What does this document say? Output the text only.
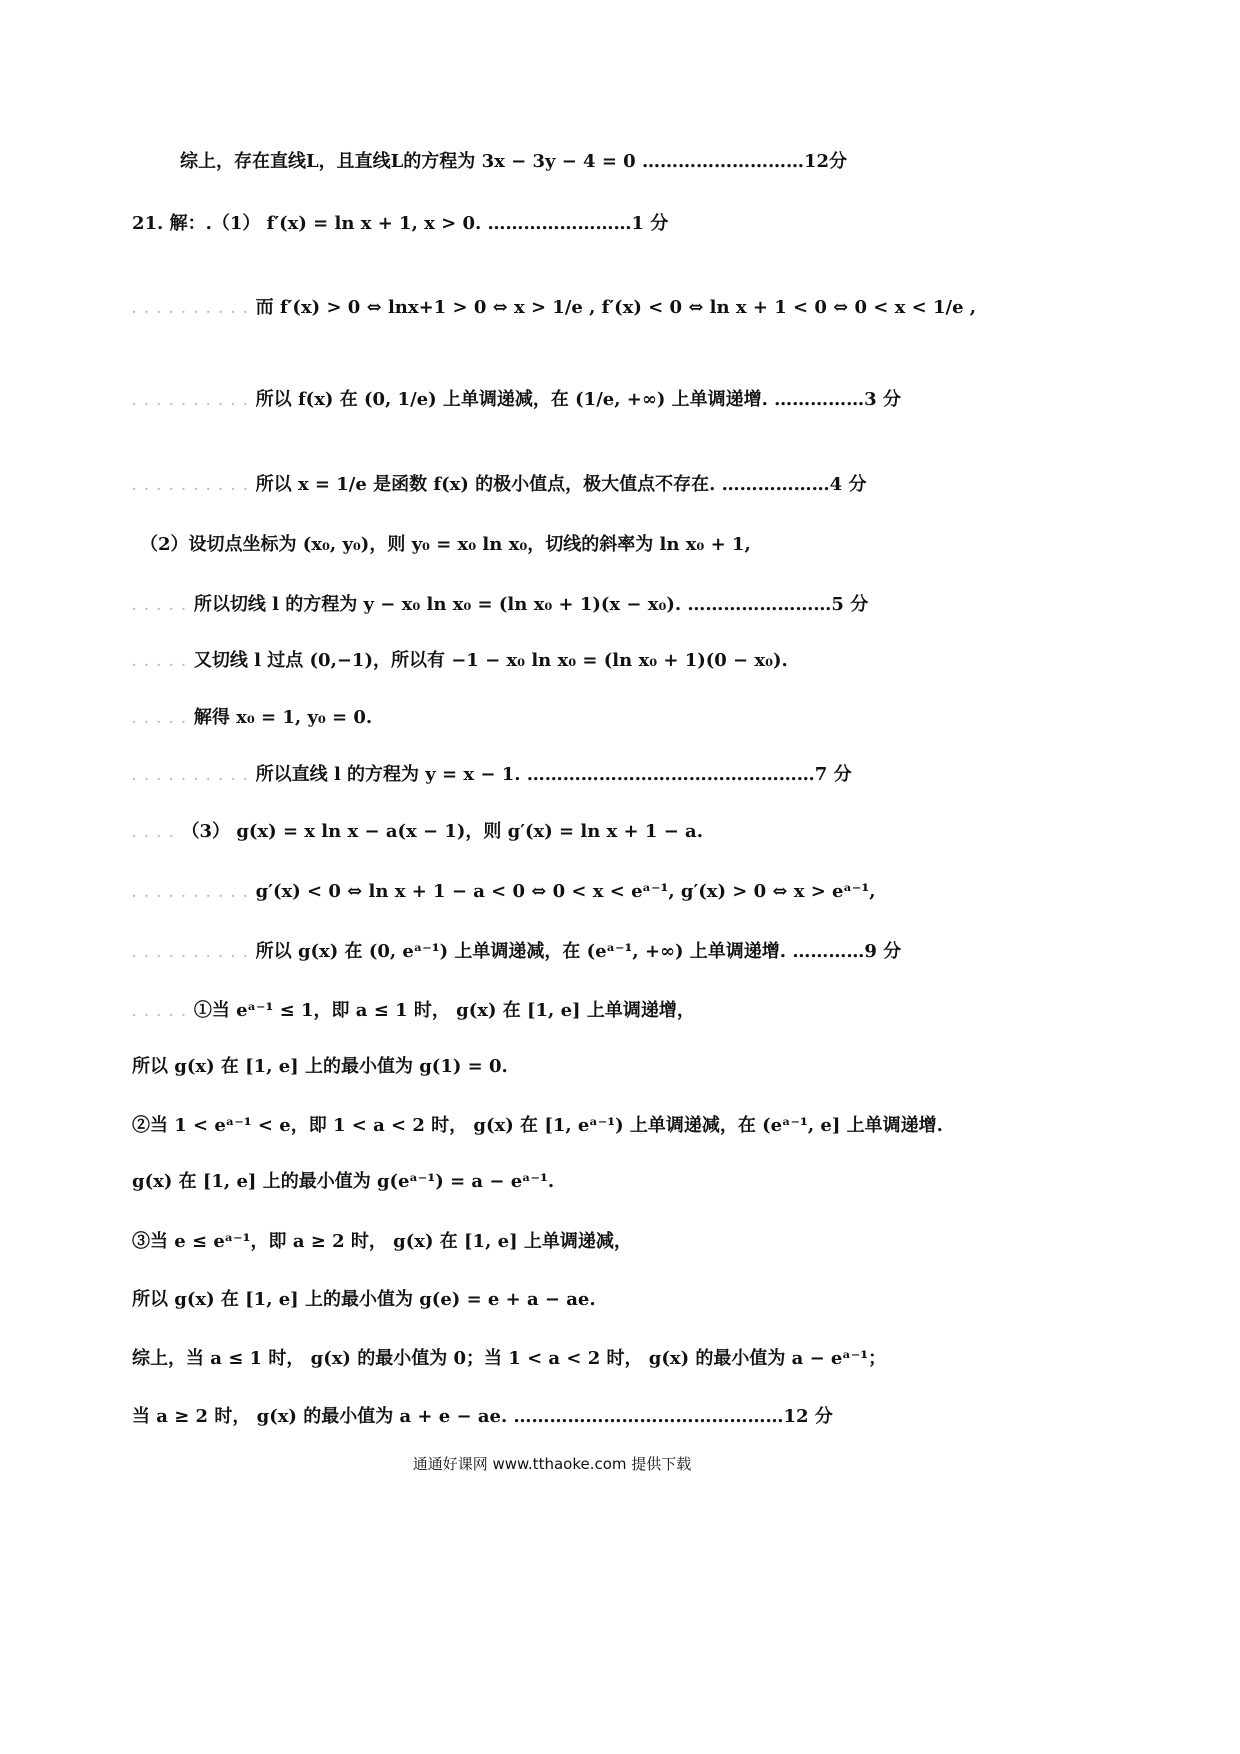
综上，存在直线L，且直线L的方程为 3x − 3y − 4 = 0 ………………………12分
21. 解：.（1） f′(x) = ln x + 1, x > 0. ……………………1 分
. . . . . . . . . . 而 f′(x) > 0 ⇔ lnx+1 > 0 ⇔ x > 1/e , f′(x) < 0 ⇔ ln x + 1 < 0 ⇔ 0 < x < 1/e ,
. . . . . . . . . . 所以 f(x) 在 (0, 1/e) 上单调递减，在 (1/e, +∞) 上单调递增. ……………3 分
. . . . . . . . . . 所以 x = 1/e 是函数 f(x) 的极小值点，极大值点不存在. ………………4 分
（2）设切点坐标为 (x₀, y₀)，则 y₀ = x₀ ln x₀，切线的斜率为 ln x₀ + 1,
. . . . . 所以切线 l 的方程为 y − x₀ ln x₀ = (ln x₀ + 1)(x − x₀). ……………………5 分
. . . . . 又切线 l 过点 (0,−1)，所以有 −1 − x₀ ln x₀ = (ln x₀ + 1)(0 − x₀).
. . . . . 解得 x₀ = 1, y₀ = 0.
. . . . . . . . . . 所以直线 l 的方程为 y = x − 1. …………………………………………7 分
. . . . （3） g(x) = x ln x − a(x − 1)，则 g′(x) = ln x + 1 − a.
. . . . . . . . . . g′(x) < 0 ⇔ ln x + 1 − a < 0 ⇔ 0 < x < eᵃ⁻¹, g′(x) > 0 ⇔ x > eᵃ⁻¹,
. . . . . . . . . . 所以 g(x) 在 (0, eᵃ⁻¹) 上单调递减，在 (eᵃ⁻¹, +∞) 上单调递增. …………9 分
. . . . . ①当 eᵃ⁻¹ ≤ 1，即 a ≤ 1 时， g(x) 在 [1, e] 上单调递增，
所以 g(x) 在 [1, e] 上的最小值为 g(1) = 0.
②当 1 < eᵃ⁻¹ < e，即 1 < a < 2 时， g(x) 在 [1, eᵃ⁻¹) 上单调递减，在 (eᵃ⁻¹, e] 上单调递增.
g(x) 在 [1, e] 上的最小值为 g(eᵃ⁻¹) = a − eᵃ⁻¹.
③当 e ≤ eᵃ⁻¹，即 a ≥ 2 时， g(x) 在 [1, e] 上单调递减，
所以 g(x) 在 [1, e] 上的最小值为 g(e) = e + a − ae.
综上，当 a ≤ 1 时， g(x) 的最小值为 0；当 1 < a < 2 时， g(x) 的最小值为 a − eᵃ⁻¹；
当 a ≥ 2 时， g(x) 的最小值为 a + e − ae. ………………………………………12 分
通通好课网 www.tthaoke.com 提供下载
